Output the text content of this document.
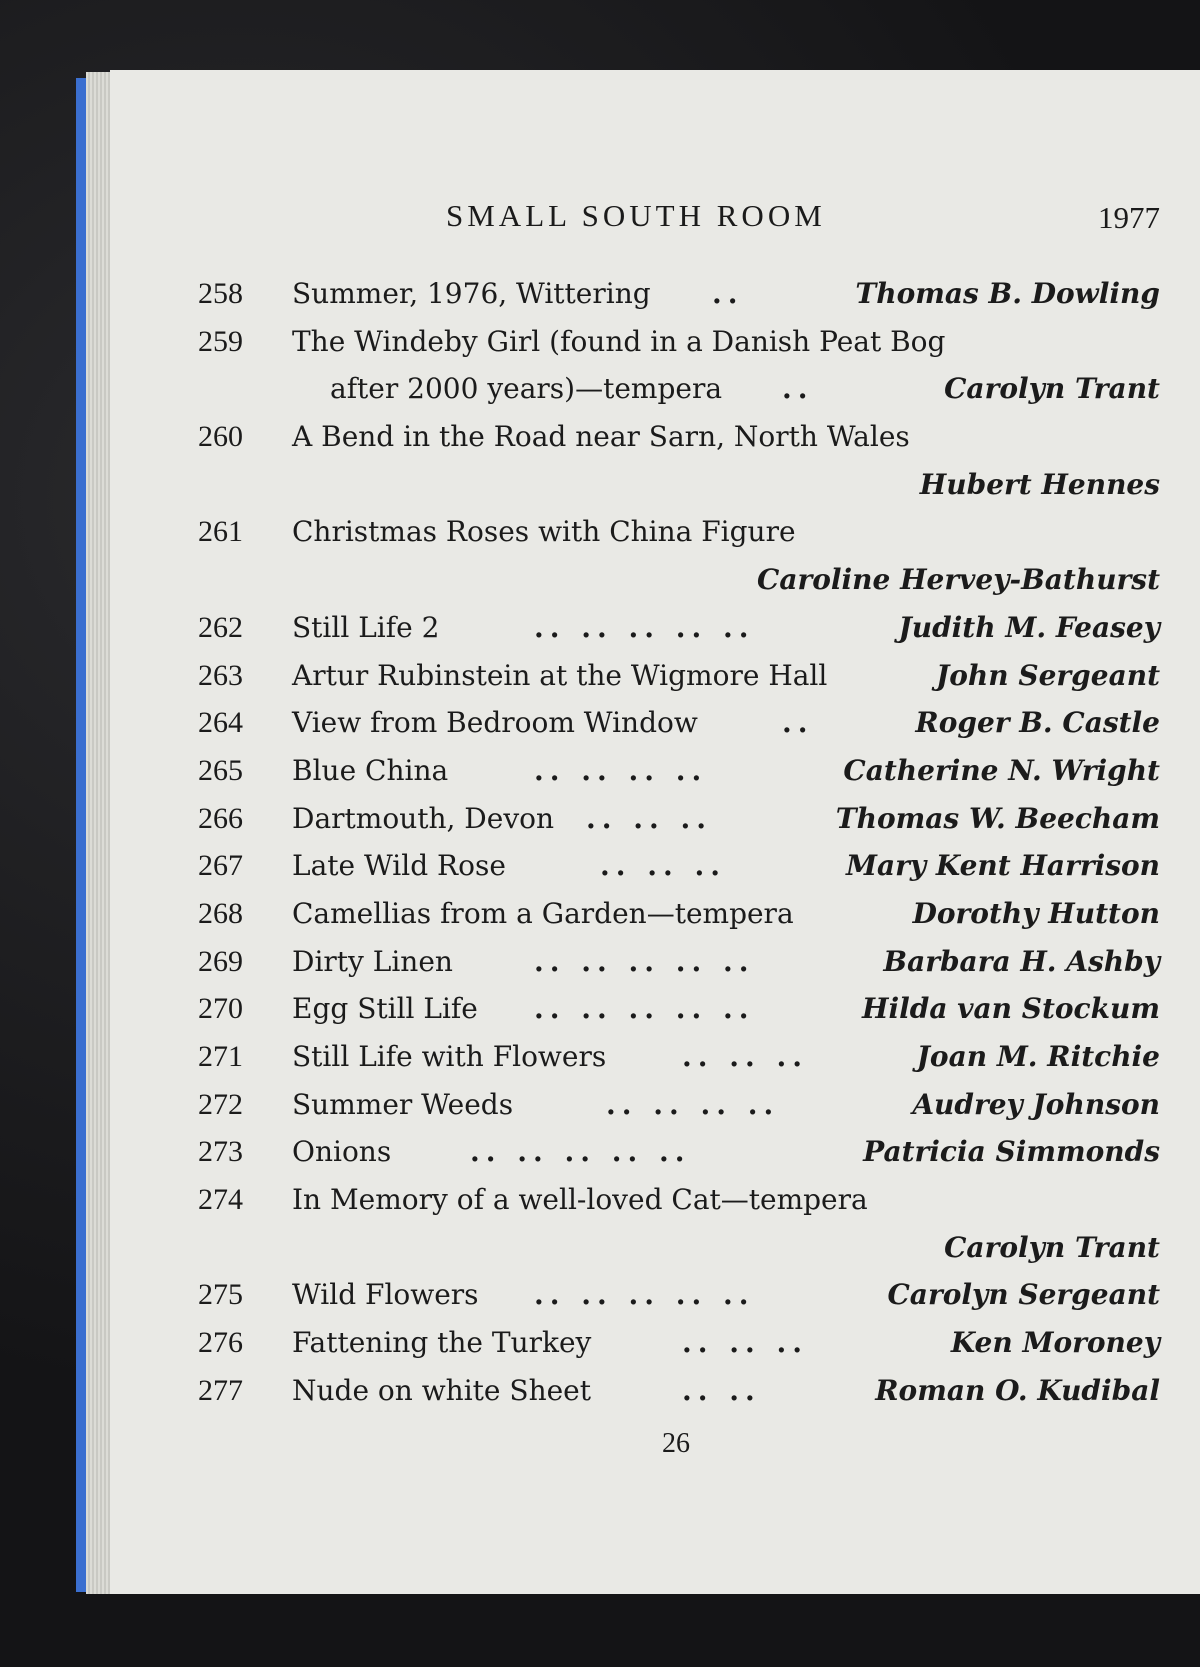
SMALL SOUTH ROOM	1977
258 Summer, 1976, Wittering ..	Thomas B. Dowling
259 The Windeby Girl (found in a Danish Peat Bog
after 2000 years)—tempera ..	Carolyn Trant
260 A Bend in the Road near Sarn, North Wales
Hubert Hennes
261 Christmas Roses with China Figure
Caroline Hervey-Bathurst
262 Still Life 2	.. .. .. .. ..	Judith M. Feasey
263 Artur Rubinstein at the Wigmore Hall	John Sergeant
264 View from Bedroom Window	..	Roger B. Castle
265 Blue China	.. .. .. ..	Catherine N. Wright
266 Dartmouth, Devon .. .. ..	Thomas W. Beecham
267 Late Wild Rose	.. .. ..	Mary Kent Harrison
268 Camellias from a Garden—tempera	Dorothy Hutton
269 Dirty Linen	.. .. .. .. ..	Barbara H. Ashby
270 Egg Still Life .. .. .. .. ..	Hilda van Stockum
271 Still Life with Flowers	.. .. ..	Joan M. Ritchie
272 Summer Weeds	.. .. .. ..	Audrey Johnson
273 Onions	.. .. .. .. ..	Patricia Simmonds
274 In Memory of a well-loved Cat—tempera
Carolyn Trant
275 Wild Flowers .. .. .. .. ..	Carolyn Sergeant
276 Fattening the Turkey	.. .. ..	Ken Moroney
277 Nude on white Sheet	.. ..	Roman O. Kudibal
26
